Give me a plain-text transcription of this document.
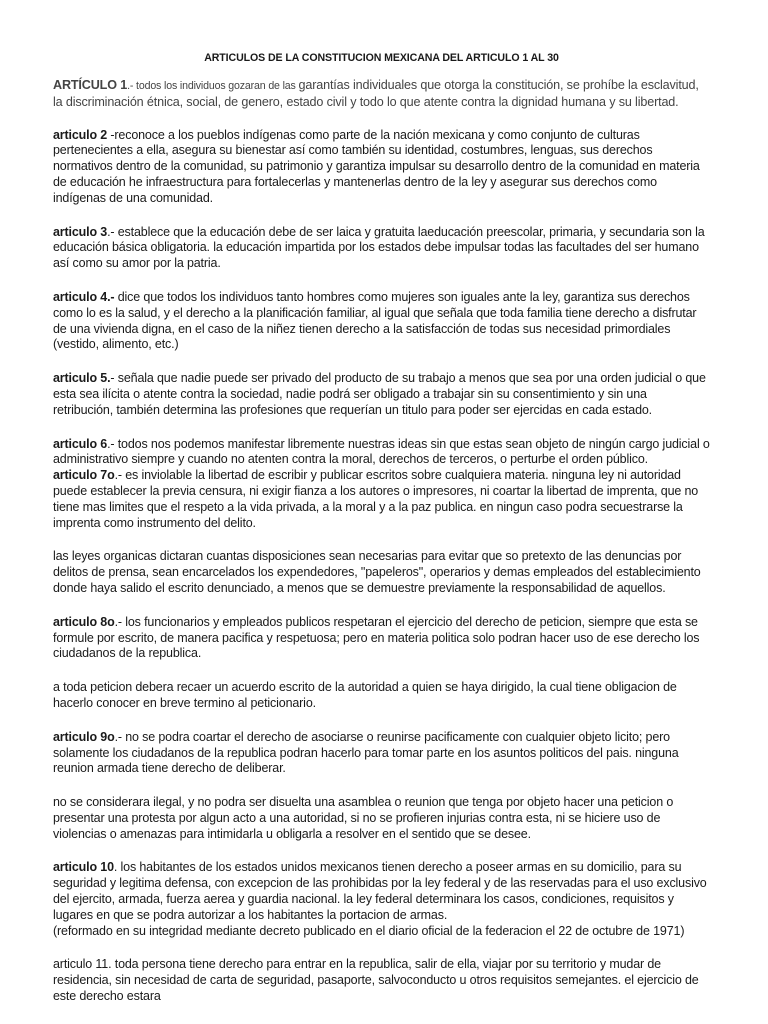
ARTICULOS DE LA CONSTITUCION MEXICANA DEL ARTICULO 1 AL 30

ARTÍCULO 1.- todos los individuos gozaran de las garantías individuales que otorga la constitución, se prohíbe la esclavitud, la discriminación étnica, social, de genero, estado civil y todo lo que atente contra la dignidad humana y su libertad.

articulo 2 -reconoce a los pueblos indígenas como parte de la nación mexicana y como conjunto de culturas pertenecientes a ella, asegura su bienestar así como también su identidad, costumbres, lenguas, sus derechos normativos dentro de la comunidad, su patrimonio y garantiza impulsar su desarrollo dentro de la comunidad en materia de educación he infraestructura para fortalecerlas y mantenerlas dentro de la ley y asegurar sus derechos como indígenas de una comunidad.

articulo 3.- establece que la educación debe de ser laica y gratuita laeducación preescolar, primaria, y secundaria son la educación básica obligatoria. la educación impartida por los estados debe impulsar todas las facultades del ser humano así como su amor por la patria.

articulo 4.- dice que todos los individuos tanto hombres como mujeres son iguales ante la ley, garantiza sus derechos como lo es la salud, y el derecho a la planificación familiar, al igual que señala que toda familia tiene derecho a disfrutar de una vivienda digna, en el caso de la niñez tienen derecho a la satisfacción de todas sus necesidad primordiales (vestido, alimento, etc.)

articulo 5.- señala que nadie puede ser privado del producto de su trabajo a menos que sea por una orden judicial o que esta sea ilícita o atente contra la sociedad, nadie podrá ser obligado a trabajar sin su consentimiento y sin una retribución, también determina las profesiones que requerían un titulo para poder ser ejercidas en cada estado.

articulo 6.- todos nos podemos manifestar libremente nuestras ideas sin que estas sean objeto de ningún cargo judicial o administrativo siempre y cuando no atenten contra la moral, derechos de terceros, o perturbe el orden público.

articulo 7o.- es inviolable la libertad de escribir y publicar escritos sobre cualquiera materia. ninguna ley ni autoridad puede establecer la previa censura, ni exigir fianza a los autores o impresores, ni coartar la libertad de imprenta, que no tiene mas limites que el respeto a la vida privada, a la moral y a la paz publica. en ningun caso podra secuestrarse la imprenta como instrumento del delito.

las leyes organicas dictaran cuantas disposiciones sean necesarias para evitar que so pretexto de las denuncias por delitos de prensa, sean encarcelados los expendedores, "papeleros", operarios y demas empleados del establecimiento donde haya salido el escrito denunciado, a menos que se demuestre previamente la responsabilidad de aquellos.

articulo 8o.- los funcionarios y empleados publicos respetaran el ejercicio del derecho de peticion, siempre que esta se formule por escrito, de manera pacifica y respetuosa; pero en materia politica solo podran hacer uso de ese derecho los ciudadanos de la republica.

a toda peticion debera recaer un acuerdo escrito de la autoridad a quien se haya dirigido, la cual tiene obligacion de hacerlo conocer en breve termino al peticionario.

articulo 9o.- no se podra coartar el derecho de asociarse o reunirse pacificamente con cualquier objeto licito; pero solamente los ciudadanos de la republica podran hacerlo para tomar parte en los asuntos politicos del pais. ninguna reunion armada tiene derecho de deliberar.

no se considerara ilegal, y no podra ser disuelta una asamblea o reunion que tenga por objeto hacer una peticion o presentar una protesta por algun acto a una autoridad, si no se profieren injurias contra esta, ni se hiciere uso de violencias o amenazas para intimidarla u obligarla a resolver en el sentido que se desee.

articulo 10. los habitantes de los estados unidos mexicanos tienen derecho a poseer armas en su domicilio, para su seguridad y legitima defensa, con excepcion de las prohibidas por la ley federal y de las reservadas para el uso exclusivo del ejercito, armada, fuerza aerea y guardia nacional. la ley federal determinara los casos, condiciones, requisitos y lugares en que se podra autorizar a los habitantes la portacion de armas.
(reformado en su integridad mediante decreto publicado en el diario oficial de la federacion el 22 de octubre de 1971)

articulo 11. toda persona tiene derecho para entrar en la republica, salir de ella, viajar por su territorio y mudar de residencia, sin necesidad de carta de seguridad, pasaporte, salvoconducto u otros requisitos semejantes. el ejercicio de este derecho estara
